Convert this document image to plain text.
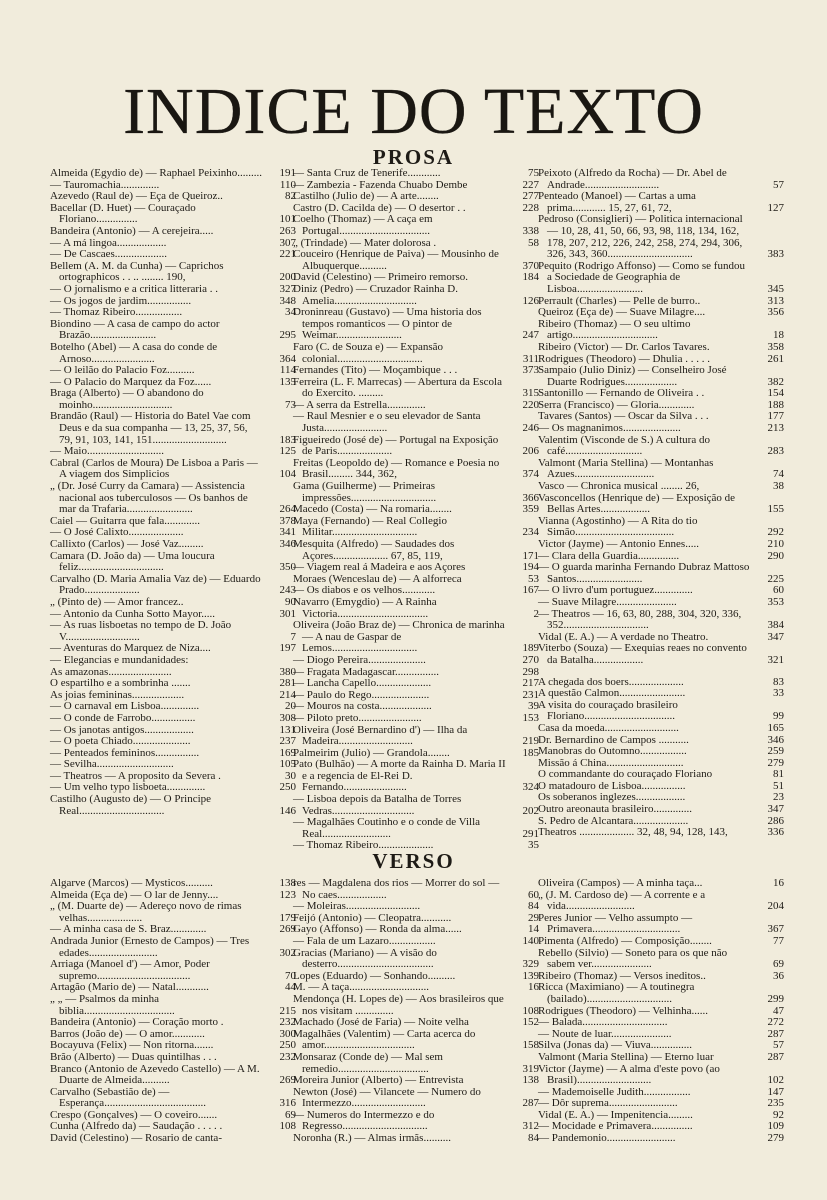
INDICE DO TEXTO
PROSA
Almeida (Egydio de) — Raphael Peixinho.........	191
— Tauromachia..............	110
Azevedo (Raul de) — Eça de Queiroz..	82
Bacellar (D. Huet) — Couraçado Floriano...............	101
Bandeira (Antonio) — A cerejeira.....	263
— A má lingoa..................	307
— De Cascaes...................	221
Bellem (A. M. da Cunha) — Caprichos ortographicos . . .. ........ 190,	200
— O jornalismo e a critica litteraria . .	327
— Os jogos de jardim................	348
— Thomaz Ribeiro.................	34
Biondino — A casa de campo do actor Brazão........................	295
Botelho (Abel) — A casa do conde de Arnoso.......................	364
— O leilão do Palacio Foz..........	114
— O Palacio do Marquez da Foz......	135
Braga (Alberto) — O abandono do moinho.............................	73
Brandão (Raul) — Historia do Batel Vae com Deus e da sua companha — 13, 25, 37, 56, 79, 91, 103, 141, 151...........................	183
— Maio............................	125
Cabral (Carlos de Moura) De Lisboa a Paris — A viagem dos Simplicios	104
„ (Dr. José Curry da Camara) — Assistencia nacional aos tuberculosos — Os banhos de mar da Trafaria........................	264
Caiel — Guitarra que fala.............	378
— O José Calixto....................	341
Callixto (Carlos) — José Vaz.........	346
Camara (D. João da) — Uma loucura feliz...............................	350
Carvalho (D. Maria Amalia Vaz de) — Eduardo Prado....................	243
„ (Pinto de) — Amor francez..	90
— Antonio da Cunha Sotto Mayor.....	301
— As ruas lisboetas no tempo de D. João V...........................	7
— Aventuras do Marquez de Niza....	197
— Elegancias e mundanidades:
As amazonas.......................	380
O espartilho e a sombrinha .......	281
As joias femininas...................	214
— O carnaval em Lisboa..............	20
— O conde de Farrobo................	308
— Os janotas antigos..................	131
— O poeta Chiado.....................	237
— Penteados femininos................	169
— Sevilha............................	105
— Theatros — A proposito da Severa .	30
— Um velho typo lisboeta..............	250
Castilho (Augusto de) — O Principe Real...............................	146
— Santa Cruz de Tenerife............	75
— Zambezia - Fazenda Chuabo Dembe	227
Castilho (Julio de) — A arte........	277
Castro (D. Cacilda de) — O desertor . .	228
Coelho (Thomaz) — A caça em Portugal.................................	338
„ (Trindade) — Mater dolorosa .	58
Couceiro (Henrique de Paiva) — Mousinho de Albuquerque..........	370
David (Celestino) — Primeiro remorso.	184
Diniz (Pedro) — Cruzador Rainha D. Amelia..............................	126
Droninreau (Gustavo) — Uma historia dos tempos romanticos — O pintor de Weimar........................	247
Faro (C. de Souza e) — Expansão colonial...............................	311
Fernandes (Tito) — Moçambique . . .	373
Ferreira (L. F. Marrecas) — Abertura da Escola do Exercito. .........	315
— A serra da Estrella..............	220
— Raul Mesnier e o seu elevador de Santa Justa.......................	246
Figueiredo (José de) — Portugal na Exposição de Paris....................	206
Freitas (Leopoldo de) — Romance e Poesia no Brasil......... 344, 362,	374
Gama (Guilherme) — Primeiras impressões...............................	366
Macedo (Costa) — Na romaria........	359
Maya (Fernando) — Real Collegio Militar...............................	234
Mesquita (Alfredo) — Saudades dos Açores.................... 67, 85, 119,	171
— Viagem real á Madeira e aos Açores	194
Moraes (Wenceslau de) — A alforreca	53
— Os diabos e os velhos............	167
Navarro (Emygdio) — A Rainha Victoria.................................	2
Oliveira (João Braz de) — Chronica de marinha — A nau de Gaspar de Lemos...............................	189
— Diogo Pereira.....................	270
— Fragata Madagascar................	298
— Lancha Capello....................	217
— Paulo do Rego.....................	231
— Mouros na costa...................	39
— Piloto preto.......................	153
Oliveira (José Bernardino d') — Ilha da Madeira...........................	219
Palmeirim (Julio) — Grandola........	185
Pato (Bulhão) — A morte da Rainha D. Maria II e a regencia de El-Rei D. Fernando.......................	324
— Lisboa depois da Batalha de Torres Vedras..............................	202
— Magalhães Coutinho e o conde de Villa Real.........................	291
— Thomaz Ribeiro....................	35
Peixoto (Alfredo da Rocha) — Dr. Abel de Andrade...........................	57
Penteado (Manoel) — Cartas a uma prima............ 15, 27, 61, 72,	127
Pedroso (Consiglieri) — Politica internacional — 10, 28, 41, 50, 66, 93, 98, 118, 134, 162, 178, 207, 212, 226, 242, 258, 274, 294, 306, 326, 343, 360...............................	383
Pequito (Rodrigo Affonso) — Como se fundou a Sociedade de Geographia de Lisboa........................	345
Perrault (Charles) — Pelle de burro..	313
Queiroz (Eça de) — Suave Milagre....	356
Ribeiro (Thomaz) — O seu ultimo artigo...............................	18
Ribeiro (Victor) — Dr. Carlos Tavares.	358
Rodrigues (Theodoro) — Dhulia . . . . .	261
Sampaio (Julio Diniz) — Conselheiro José Duarte Rodrigues...................	382
Santonillo — Fernando de Oliveira . .	154
Serra (Francisco) — Gloria.............	188
Tavares (Santos) — Oscar da Silva . . .	177
— Os magnanimos.....................	213
Valentim (Visconde de S.) A cultura do café............................	283
Valmont (Maria Stellina) — Montanhas Azues.............................	74
Vasco — Chronica musical ........ 26,	38
Vasconcellos (Henrique de) — Exposição de Bellas Artes..................	155
Vianna (Agostinho) — A Rita do tio Simão....................................	292
Victor (Jayme) — Antonio Ennes.....	210
— Clara della Guardia...............	290
— O guarda marinha Fernando Dubraz Mattoso Santos........................	225
— O livro d'um portuguez..............	60
— Suave Milagre......................	353
— Theatros — 16, 63, 80, 288, 304, 320, 336, 352...............................	384
Vidal (E. A.) — A verdade no Theatro.	347
Viterbo (Souza) — Exequias reaes no convento da Batalha..................	321
A chegada dos boers....................	83
A questão Calmon........................	33
A visita do couraçado brasileiro Floriano.................................	99
Casa da moeda...........................	165
Dr. Bernardino de Campos ...........	346
Manobras do Outomno.................	259
Missão á China............................	279
O commandante do couraçado Floriano	81
O matadouro de Lisboa................	51
Os soberanos inglezes..................	23
Outro areonauta brasileiro..............	347
S. Pedro de Alcantara....................	286
Theatros .................... 32, 48, 94, 128, 143,	336
VERSO
Algarve (Marcos) — Mysticos..........	138
Almeida (Eça de) — O lar de Jenny....	123
„ (M. Duarte de) — Adereço novo de rimas velhas....................	179
— A minha casa de S. Braz.............	269
Andrada Junior (Ernesto de Campos) — Tres edades.........................	302
Arriaga (Manoel d') — Amor, Poder supremo..................................	70
Artagão (Mario de) — Natal............	44
„ „ — Psalmos da minha biblia.................................	215
Bandeira (Antonio) — Coração morto .	232
Barros (João de) — O amor............	300
Bocayuva (Felix) — Non ritorna.......	250
Brão (Alberto) — Duas quintilhas . . .	232
Branco (Antonio de Azevedo Castello) — A M. Duarte de Almeida..........	269
Carvalho (Sebastião de) — Esperança.....................................	316
Crespo (Gonçalves) — O coveiro.......	69
Cunha (Alfredo da) — Saudação . . . . .	108
David (Celestino) — Rosario de canta-
res — Magdalena dos rios — Morrer do sol — No caes..................	60
— Moleiras...........................	84
Feijó (Antonio) — Cleopatra...........	29
Gayo (Affonso) — Ronda da alma......	14
— Fala de um Lazaro.................	140
Gracias (Mariano) — A visão do desterro...................................	329
Lopes (Eduardo) — Sonhando..........	139
M. — A taça.............................	16
Mendonça (H. Lopes de) — Aos brasileiros que nos visitam ..............	108
Machado (José de Faria) — Noite velha	152
Magalhães (Valentim) — Carta acerca do amor.................................	158
Monsaraz (Conde de) — Mal sem remedio.................................	319
Moreira Junior (Alberto) — Entrevista	138
Newton (José) — Vilancete — Numero do Intermezzo...........................	287
— Numeros do Intermezzo e do Regresso...............................	312
Noronha (R.) — Almas irmãs..........	84
Oliveira (Campos) — A minha taça...	16
„ (J. M. Cardoso de) — A corrente e a vida.........................	204
Peres Junior — Velho assumpto — Primavera................................	367
Pimenta (Alfredo) — Composição........	77
Rebello (Silvio) — Soneto para os que não sabem ver......................	69
Ribeiro (Thomaz) — Versos ineditos..	36
Ricca (Maximiano) — A toutinegra (bailado)...............................	299
Rodrigues (Theodoro) — Velhinha......	47
— Balada...............................	272
— Noute de luar......................	287
Silva (Jonas da) — Viuva...............	57
Valmont (Maria Stellina) — Eterno luar	287
Victor (Jayme) — A alma d'este povo (ao Brasil)...........................	102
— Mademoiselle Judith.................	147
— Dôr suprema.........................	235
Vidal (E. A.) — Impenitencia.........	92
— Mocidade e Primavera...............	109
— Pandemonio.........................	279
